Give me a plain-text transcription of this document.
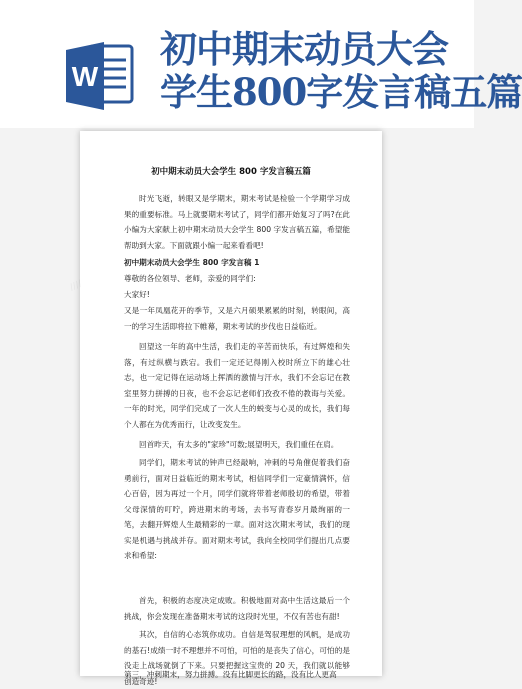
W
初中期末动员大会
学生800字发言稿五篇
////
初中期末动员大会学生 800 字发言稿五篇
时光飞逝，转眼又是学期末，期末考试是检验一个学期学习成果的重要标准。马上就要期末考试了，同学们都开始复习了吗?在此小编为大家献上初中期末动员大会学生 800 字发言稿五篇，希望能帮助到大家。下面就跟小编一起来看看吧!
初中期末动员大会学生 800 字发言稿 1
尊敬的各位领导、老师，亲爱的同学们:
大家好!
又是一年凤凰花开的季节，又是六月硕果累累的时刻，转眼间，高一的学习生活即将拉下帷幕，期末考试的步伐也日益临近。
回望这一年的高中生活，我们走的辛苦而快乐，有过辉煌和失落，有过纵横与跌宕。我们一定还记得刚入校时所立下的雄心壮志，也一定记得在运动场上挥洒的激情与汗水，我们不会忘记在教室里努力拼搏的日夜，也不会忘记老师们孜孜不倦的教诲与关爱。一年的时光，同学们完成了一次人生的蜕变与心灵的成长，我们每个人都在为优秀而行，让改变发生。
回首昨天，有太多的"家珍"可数;展望明天，我们重任在肩。
同学们，期末考试的钟声已经敲响，冲刺的号角催促着我们奋勇前行，面对日益临近的期末考试，相信同学们一定豪情满怀，信心百倍，因为再过一个月，同学们就将带着老师殷切的希望，带着父母深情的叮咛，跨进期末的考场，去书写青春岁月最绚丽的一笔，去翻开辉煌人生最精彩的一章。面对这次期末考试，我们的现实是机遇与挑战并存。面对期末考试，我向全校同学们提出几点要求和希望:
首先，积极的态度决定成败。积极地面对高中生活这最后一个挑战，你会发现在准备期末考试的这段时光里，不仅有苦也有甜!
其次，自信的心态筑你成功。自信是驾驭理想的风帆，是成功的基石!成绩一时不理想并不可怕，可怕的是丧失了信心，可怕的是没走上战场就倒了下来。只要把握这宝贵的 20 天，我们就以能够创造奇迹!
第三，冲刺期末，努力拼搏。没有比脚更长的路，没有比人更高
